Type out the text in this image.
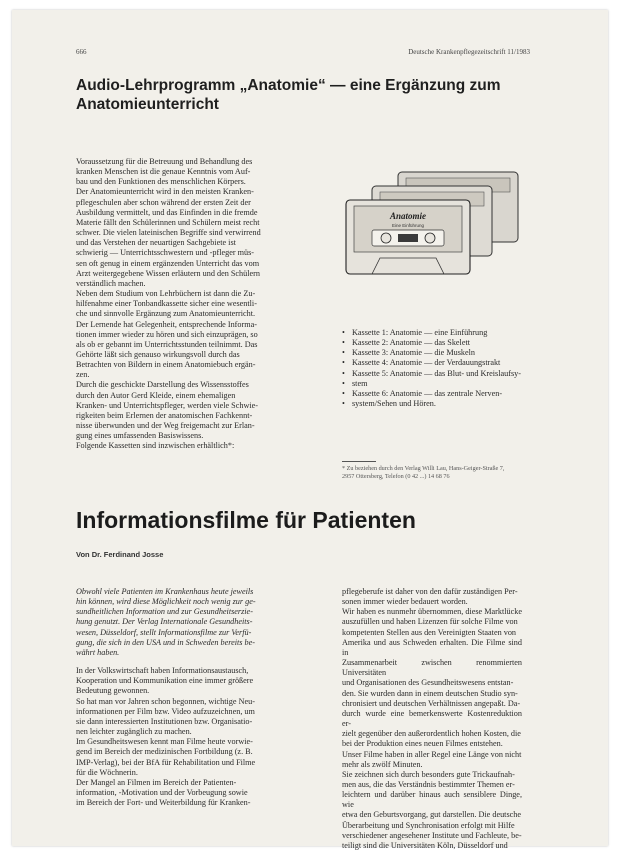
666	Deutsche Krankenpflegezeitschrift 11/1983
Audio-Lehrprogramm „Anatomie“ — eine Ergänzung zum Anatomieunterricht
Voraussetzung für die Betreuung und Behandlung des
kranken Menschen ist die genaue Kenntnis vom Auf-
bau und den Funktionen des menschlichen Körpers.
Der Anatomieunterricht wird in den meisten Kranken-
pflegeschulen aber schon während der ersten Zeit der
Ausbildung vermittelt, und das Einfinden in die fremde
Materie fällt den Schülerinnen und Schülern meist recht
schwer. Die vielen lateinischen Begriffe sind verwirrend
und das Verstehen der neuartigen Sachgebiete ist
schwierig — Unterrichtsschwestern und -pfleger müs-
sen oft genug in einem ergänzenden Unterricht das vom
Arzt weitergegebene Wissen erläutern und den Schülern
verständlich machen.
Neben dem Studium von Lehrbüchern ist dann die Zu-
hilfenahme einer Tonbandkassette sicher eine wesentli-
che und sinnvolle Ergänzung zum Anatomieunterricht.
Der Lernende hat Gelegenheit, entsprechende Informa-
tionen immer wieder zu hören und sich einzuprägen, so
als ob er gebannt im Unterrichtsstunden teilnimmt. Das
Gehörte läßt sich genauso wirkungsvoll durch das
Betrachten von Bildern in einem Anatomiebuch ergän-
zen.
Durch die geschickte Darstellung des Wissensstoffes
durch den Autor Gerd Kleide, einem ehemaligen
Kranken- und Unterrichtspfleger, werden viele Schwie-
rigkeiten beim Erlernen der anatomischen Fachkennt-
nisse überwunden und der Weg freigemacht zur Erlan-
gung eines umfassenden Basiswissens.
Folgende Kassetten sind inzwischen erhältlich*:
Anatomie
Eine Einführung
• Kassette 1: Anatomie — eine Einführung
• Kassette 2: Anatomie — das Skelett
• Kassette 3: Anatomie — die Muskeln
• Kassette 4: Anatomie — der Verdauungstrakt
• Kassette 5: Anatomie — das Blut- und Kreislaufsy-
• stem
• Kassette 6: Anatomie — das zentrale Nerven-
• system/Sehen und Hören.
* Zu beziehen durch den Verlag Willi Lau, Hans-Geiger-Straße 7,
2957 Ottersberg, Telefon (0 42 ...) 14 68 76
Informationsfilme für Patienten
Von Dr. Ferdinand Josse
Obwohl viele Patienten im Krankenhaus heute jeweils
hin können, wird diese Möglichkeit noch wenig zur ge-
sundheitlichen Information und zur Gesundheitserzie-
hung genutzt. Der Verlag Internationale Gesundheits-
wesen, Düsseldorf, stellt Informationsfilme zur Verfü-
gung, die sich in den USA und in Schweden bereits be-
währt haben.
In der Volkswirtschaft haben Informationsaustausch,
Kooperation und Kommunikation eine immer größere
Bedeutung gewonnen.
So hat man vor Jahren schon begonnen, wichtige Neu-
informationen per Film bzw. Video aufzuzeichnen, um
sie dann interessierten Institutionen bzw. Organisatio-
nen leichter zugänglich zu machen.
Im Gesundheitswesen kennt man Filme heute vorwie-
gend im Bereich der medizinischen Fortbildung (z. B.
IMP-Verlag), bei der BfA für Rehabilitation und Filme
für die Wöchnerin.
Der Mangel an Filmen im Bereich der Patienten-
information, -Motivation und der Vorbeugung sowie
im Bereich der Fort- und Weiterbildung für Kranken-
pflegeberufe ist daher von den dafür zuständigen Per-
sonen immer wieder bedauert worden.
Wir haben es nunmehr übernommen, diese Marktlücke
auszufüllen und haben Lizenzen für solche Filme von
kompetenten Stellen aus den Vereinigten Staaten von
Amerika und aus Schweden erhalten. Die Filme sind in
Zusammenarbeit zwischen renommierten Universitäten
und Organisationen des Gesundheitswesens entstan-
den. Sie wurden dann in einem deutschen Studio syn-
chronisiert und deutschen Verhältnissen angepaßt. Da-
durch wurde eine bemerkenswerte Kostenreduktion er-
zielt gegenüber den außerordentlich hohen Kosten, die
bei der Produktion eines neuen Filmes entstehen.
Unser Filme haben in aller Regel eine Länge von nicht
mehr als zwölf Minuten.
Sie zeichnen sich durch besonders gute Trickaufnah-
men aus, die das Verständnis bestimmter Themen er-
leichtern und darüber hinaus auch sensiblere Dinge, wie
etwa den Geburtsvorgang, gut darstellen. Die deutsche
Überarbeitung und Synchronisation erfolgt mit Hilfe
verschiedener angesehener Institute und Fachleute, be-
teiligt sind die Universitäten Köln, Düsseldorf und
